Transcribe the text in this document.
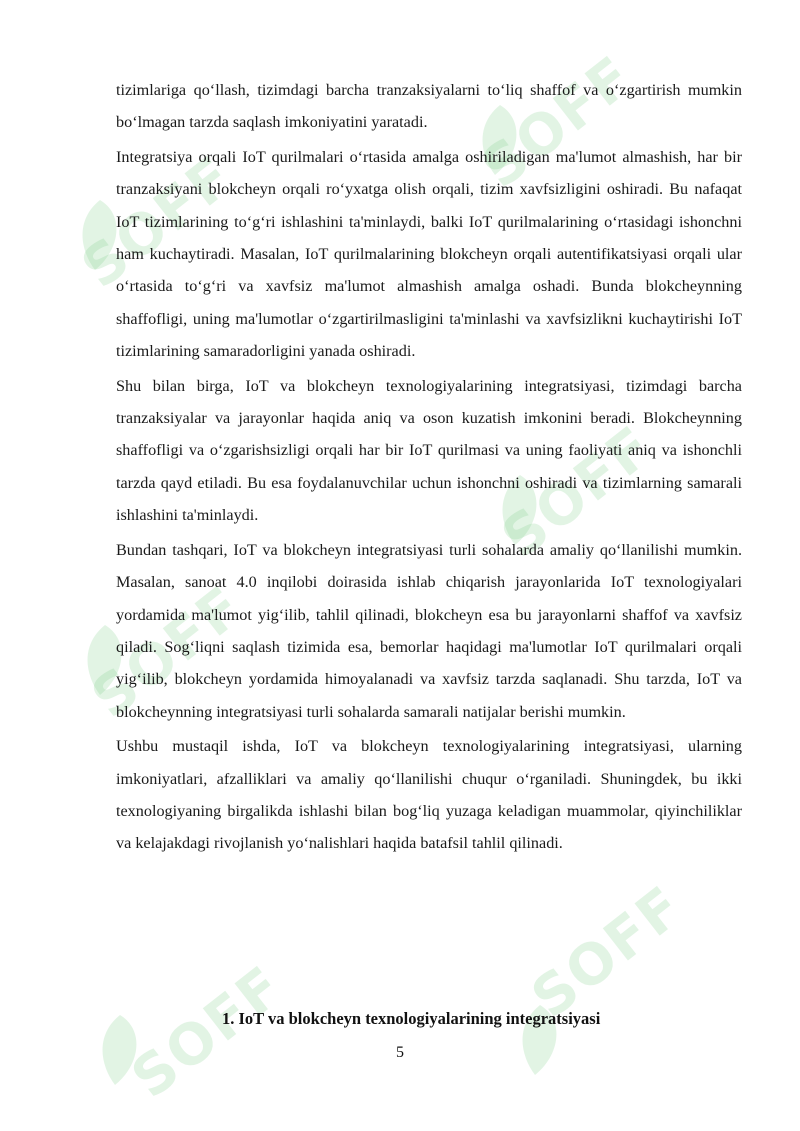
SOFF
SOFF
SOFF
SOFF
SOFF
SOFF

tizimlariga qo‘llash, tizimdagi barcha tranzaksiyalarni to‘liq shaffof va o‘zgartirish mumkin bo‘lmagan tarzda saqlash imkoniyatini yaratadi.

Integratsiya orqali IoT qurilmalari o‘rtasida amalga oshiriladigan ma'lumot almashish, har bir tranzaksiyani blokcheyn orqali ro‘yxatga olish orqali, tizim xavfsizligini oshiradi. Bu nafaqat IoT tizimlarining to‘g‘ri ishlashini ta'minlaydi, balki IoT qurilmalarining o‘rtasidagi ishonchni ham kuchaytiradi. Masalan, IoT qurilmalarining blokcheyn orqali autentifikatsiyasi orqali ular o‘rtasida to‘g‘ri va xavfsiz ma'lumot almashish amalga oshadi. Bunda blokcheynning shaffofligi, uning ma'lumotlar o‘zgartirilmasligini ta'minlashi va xavfsizlikni kuchaytirishi IoT tizimlarining samaradorligini yanada oshiradi.

Shu bilan birga, IoT va blokcheyn texnologiyalarining integratsiyasi, tizimdagi barcha tranzaksiyalar va jarayonlar haqida aniq va oson kuzatish imkonini beradi. Blokcheynning shaffofligi va o‘zgarishsizligi orqali har bir IoT qurilmasi va uning faoliyati aniq va ishonchli tarzda qayd etiladi. Bu esa foydalanuvchilar uchun ishonchni oshiradi va tizimlarning samarali ishlashini ta'minlaydi.

Bundan tashqari, IoT va blokcheyn integratsiyasi turli sohalarda amaliy qo‘llanilishi mumkin. Masalan, sanoat 4.0 inqilobi doirasida ishlab chiqarish jarayonlarida IoT texnologiyalari yordamida ma'lumot yig‘ilib, tahlil qilinadi, blokcheyn esa bu jarayonlarni shaffof va xavfsiz qiladi. Sog‘liqni saqlash tizimida esa, bemorlar haqidagi ma'lumotlar IoT qurilmalari orqali yig‘ilib, blokcheyn yordamida himoyalanadi va xavfsiz tarzda saqlanadi. Shu tarzda, IoT va blokcheynning integratsiyasi turli sohalarda samarali natijalar berishi mumkin.

Ushbu mustaqil ishda, IoT va blokcheyn texnologiyalarining integratsiyasi, ularning imkoniyatlari, afzalliklari va amaliy qo‘llanilishi chuqur o‘rganiladi. Shuningdek, bu ikki texnologiyaning birgalikda ishlashi bilan bog‘liq yuzaga keladigan muammolar, qiyinchiliklar va kelajakdagi rivojlanish yo‘nalishlari haqida batafsil tahlil qilinadi.

1. IoT va blokcheyn texnologiyalarining integratsiyasi
5
